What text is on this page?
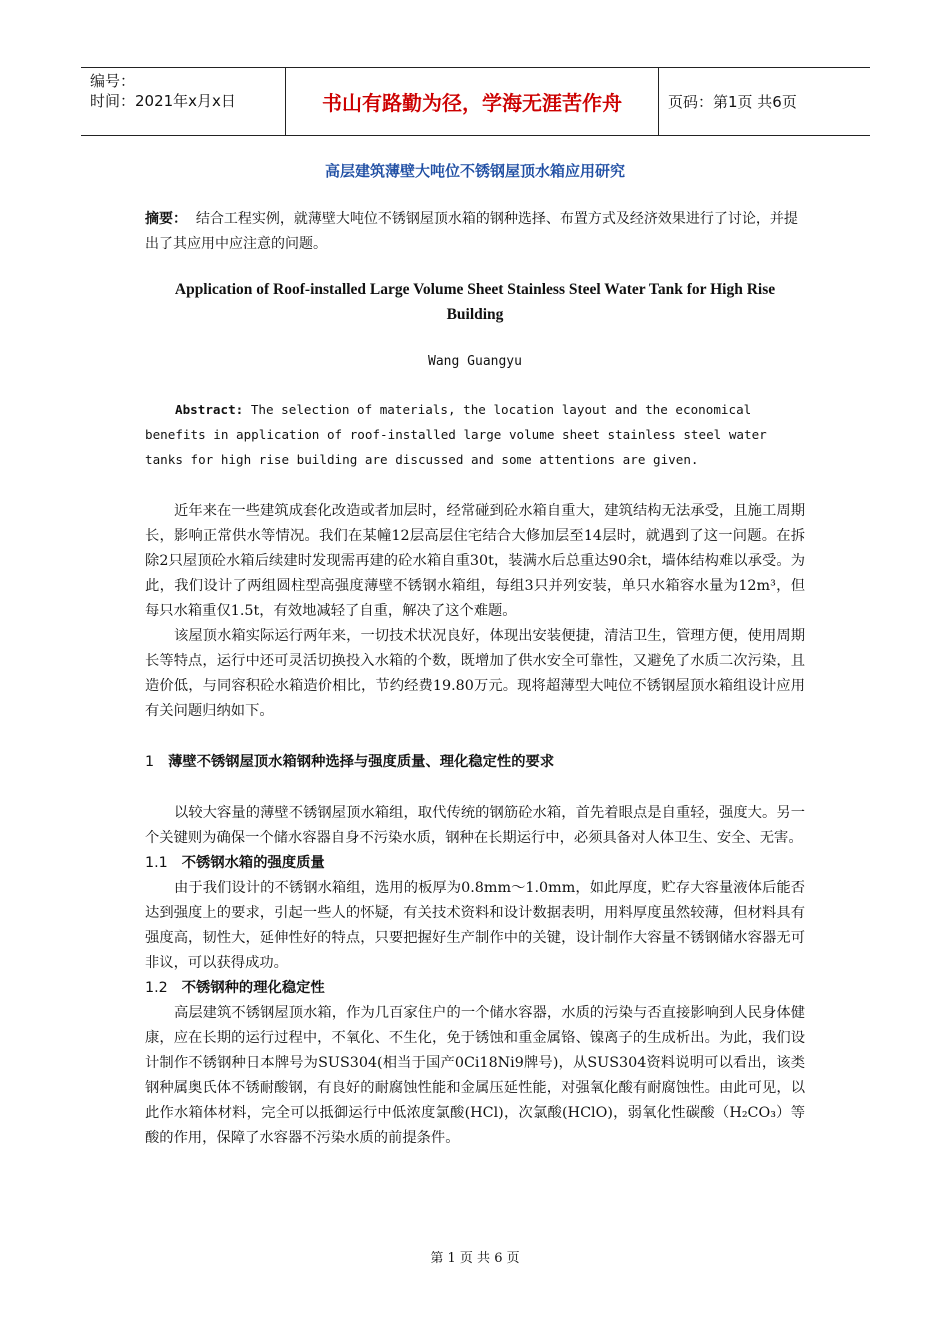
编号：
时间：2021年x月x日	书山有路勤为径，学海无涯苦作舟	页码：第1页 共6页
高层建筑薄壁大吨位不锈钢屋顶水箱应用研究

摘要： 结合工程实例，就薄壁大吨位不锈钢屋顶水箱的钢种选择、布置方式及经济效果进行了讨论，并提出了其应用中应注意的问题。

Application of Roof-installed Large Volume Sheet Stainless Steel Water Tank for High Rise Building
Wang Guangyu

Abstract: The selection of materials, the location layout and the economical benefits in application of roof-installed large volume sheet stainless steel water tanks for high rise building are discussed and some attentions are given.

近年来在一些建筑成套化改造或者加层时，经常碰到砼水箱自重大，建筑结构无法承受，且施工周期长，影响正常供水等情况。我们在某幢12层高层住宅结合大修加层至14层时，就遇到了这一问题。在拆除2只屋顶砼水箱后续建时发现需再建的砼水箱自重30t，装满水后总重达90余t，墙体结构难以承受。为此，我们设计了两组圆柱型高强度薄壁不锈钢水箱组，每组3只并列安装，单只水箱容水量为12m³，但每只水箱重仅1.5t，有效地减轻了自重，解决了这个难题。

该屋顶水箱实际运行两年来，一切技术状况良好，体现出安装便捷，清洁卫生，管理方便，使用周期长等特点，运行中还可灵活切换投入水箱的个数，既增加了供水安全可靠性，又避免了水质二次污染，且造价低，与同容积砼水箱造价相比，节约经费19.80万元。现将超薄型大吨位不锈钢屋顶水箱组设计应用有关问题归纳如下。

1 薄壁不锈钢屋顶水箱钢种选择与强度质量、理化稳定性的要求

以较大容量的薄壁不锈钢屋顶水箱组，取代传统的钢筋砼水箱，首先着眼点是自重轻，强度大。另一个关键则为确保一个储水容器自身不污染水质，钢种在长期运行中，必须具备对人体卫生、安全、无害。

1.1 不锈钢水箱的强度质量

由于我们设计的不锈钢水箱组，选用的板厚为0.8mm～1.0mm，如此厚度，贮存大容量液体后能否达到强度上的要求，引起一些人的怀疑，有关技术资料和设计数据表明，用料厚度虽然较薄，但材料具有强度高，韧性大，延伸性好的特点，只要把握好生产制作中的关键，设计制作大容量不锈钢储水容器无可非议，可以获得成功。

1.2 不锈钢种的理化稳定性

高层建筑不锈钢屋顶水箱，作为几百家住户的一个储水容器，水质的污染与否直接影响到人民身体健康，应在长期的运行过程中，不氧化、不生化，免于锈蚀和重金属铬、镍离子的生成析出。为此，我们设计制作不锈钢种日本牌号为SUS304(相当于国产0Ci18Ni9牌号)，从SUS304资料说明可以看出，该类钢种属奥氏体不锈耐酸钢，有良好的耐腐蚀性能和金属压延性能，对强氧化酸有耐腐蚀性。由此可见，以此作水箱体材料，完全可以抵御运行中低浓度氯酸(HCl)，次氯酸(HClO)，弱氧化性碳酸（H₂CO₃）等酸的作用，保障了水容器不污染水质的前提条件。

第 1 页 共 6 页
